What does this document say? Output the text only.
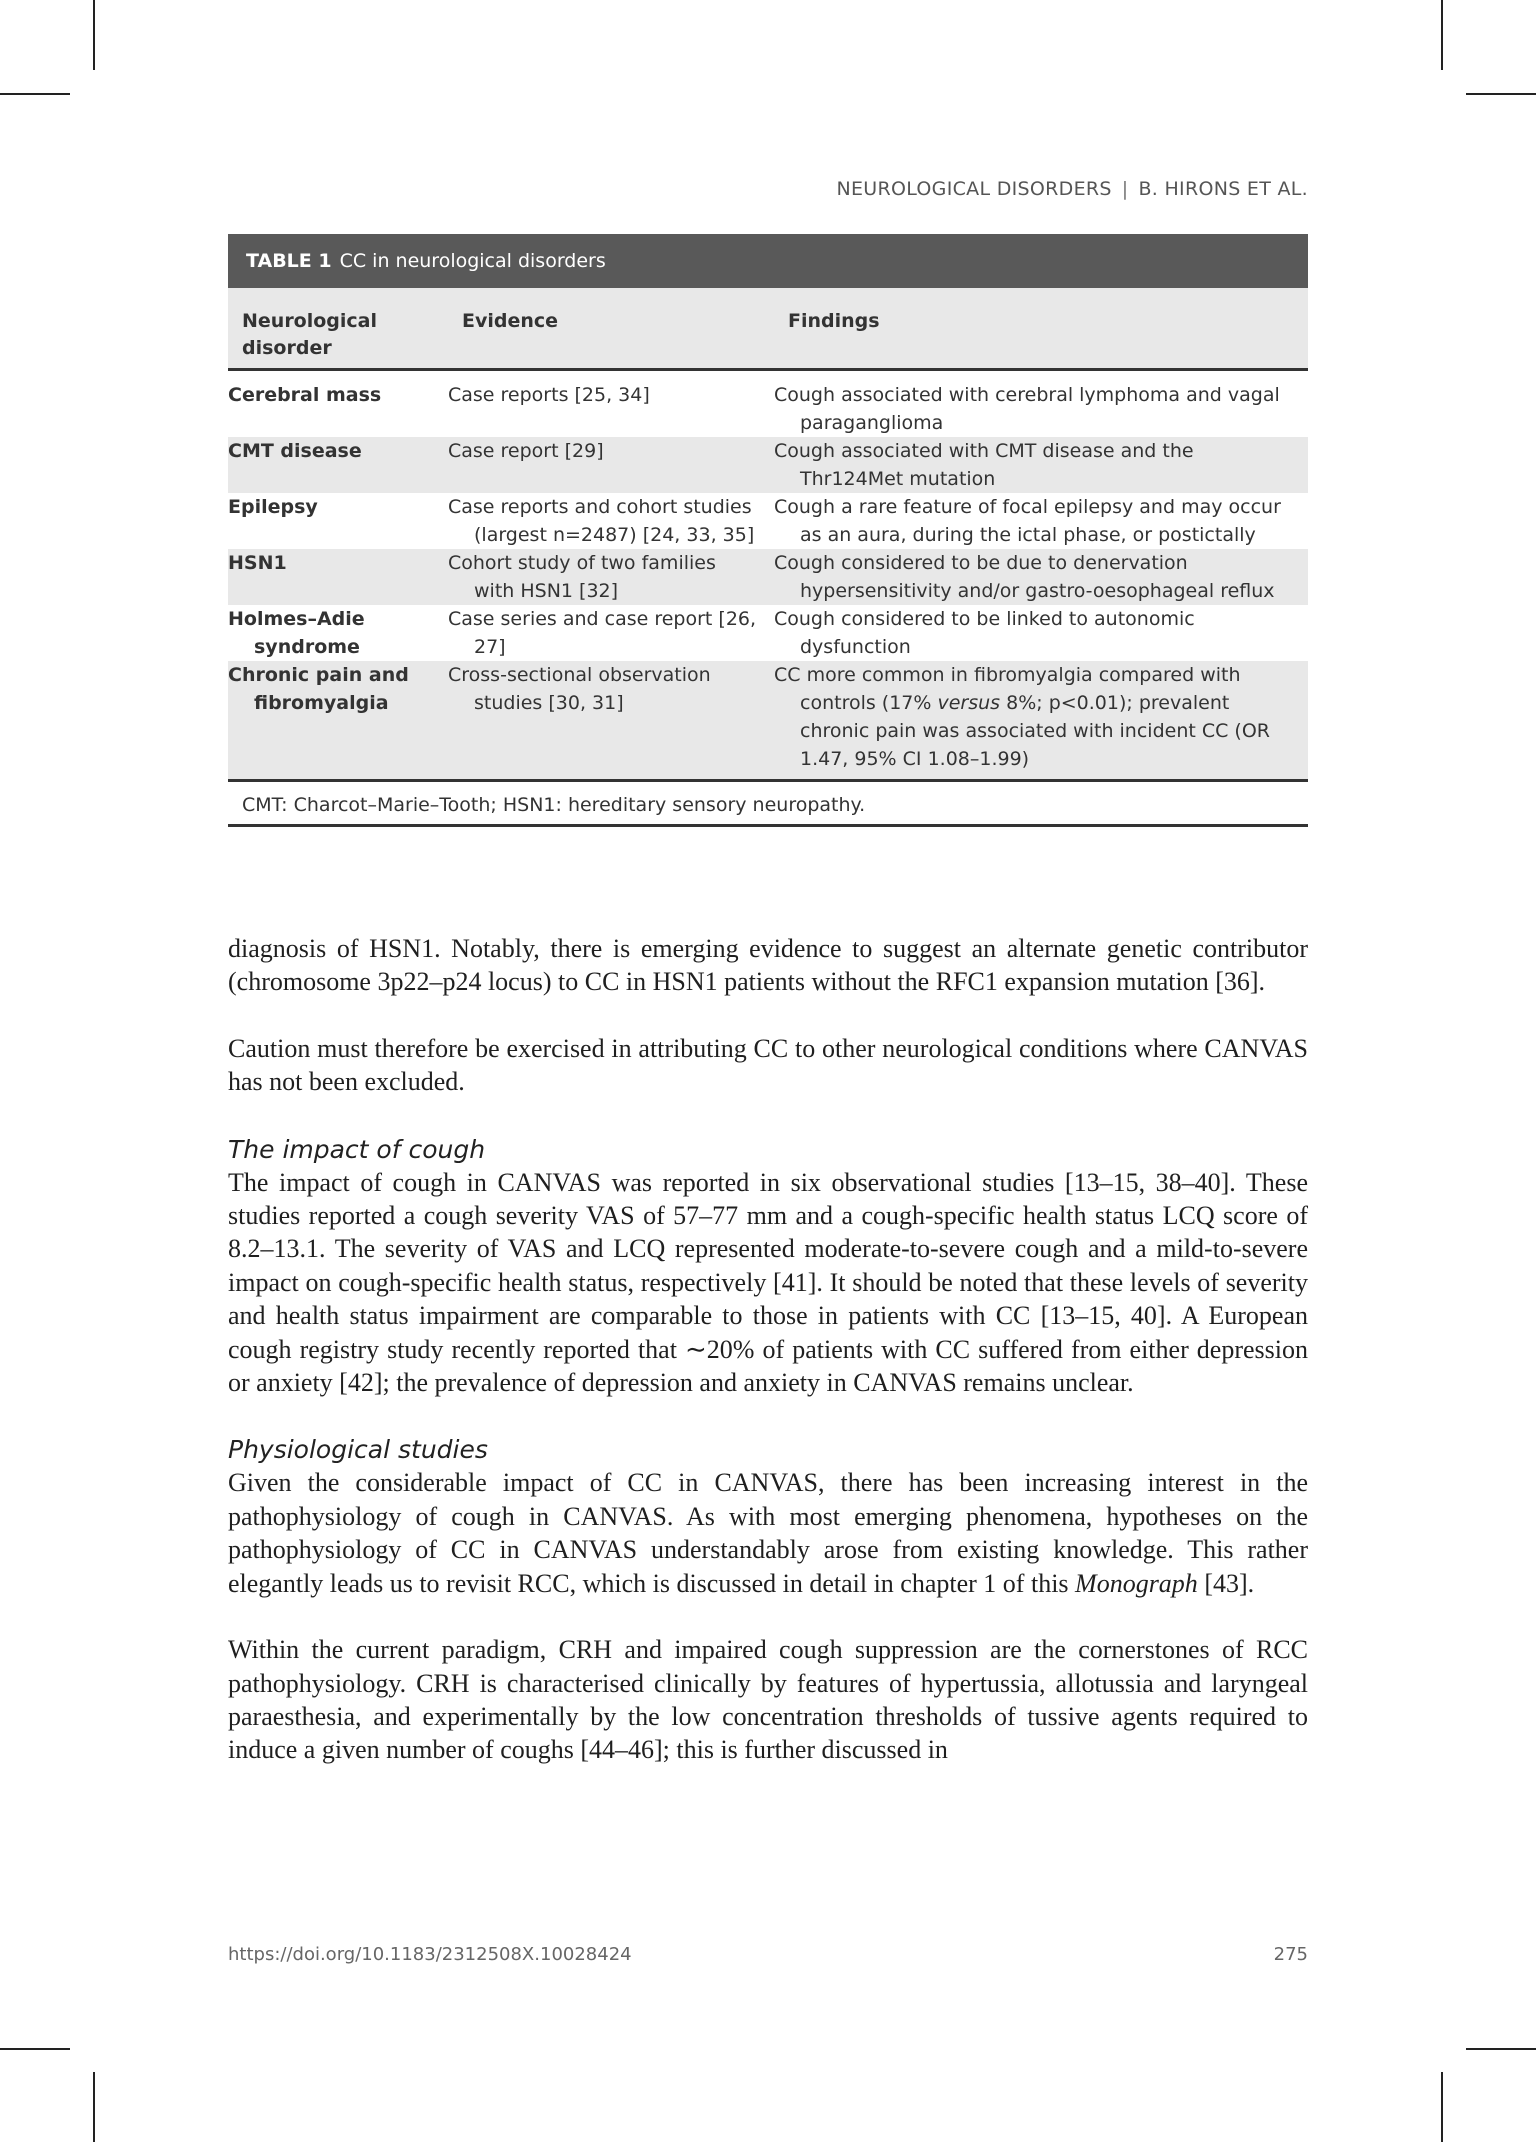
NEUROLOGICAL DISORDERS | B. HIRONS ET AL.
TABLE 1 CC in neurological disorders
Neurological disorder	Evidence	Findings
Cerebral mass	Case reports [25, 34]	Cough associated with cerebral lymphoma and vagal paraganglioma
CMT disease	Case report [29]	Cough associated with CMT disease and the Thr124Met mutation
Epilepsy	Case reports and cohort studies (largest n=2487) [24, 33, 35]	Cough a rare feature of focal epilepsy and may occur as an aura, during the ictal phase, or postictally
HSN1	Cohort study of two families with HSN1 [32]	Cough considered to be due to denervation hypersensitivity and/or gastro-oesophageal reflux
Holmes–Adie syndrome	Case series and case report [26, 27]	Cough considered to be linked to autonomic dysfunction
Chronic pain and fibromyalgia	Cross-sectional observation studies [30, 31]	CC more common in fibromyalgia compared with controls (17% versus 8%; p<0.01); prevalent chronic pain was associated with incident CC (OR 1.47, 95% CI 1.08–1.99)
CMT: Charcot–Marie–Tooth; HSN1: hereditary sensory neuropathy.

diagnosis of HSN1. Notably, there is emerging evidence to suggest an alternate genetic contributor (chromosome 3p22–p24 locus) to CC in HSN1 patients without the RFC1 expansion mutation [36].

Caution must therefore be exercised in attributing CC to other neurological conditions where CANVAS has not been excluded.

The impact of cough

The impact of cough in CANVAS was reported in six observational studies [13–15, 38–40]. These studies reported a cough severity VAS of 57–77 mm and a cough-specific health status LCQ score of 8.2–13.1. The severity of VAS and LCQ represented moderate-to-severe cough and a mild-to-severe impact on cough-specific health status, respectively [41]. It should be noted that these levels of severity and health status impairment are comparable to those in patients with CC [13–15, 40]. A European cough registry study recently reported that ∼20% of patients with CC suffered from either depression or anxiety [42]; the prevalence of depression and anxiety in CANVAS remains unclear.

Physiological studies

Given the considerable impact of CC in CANVAS, there has been increasing interest in the pathophysiology of cough in CANVAS. As with most emerging phenomena, hypotheses on the pathophysiology of CC in CANVAS understandably arose from existing knowledge. This rather elegantly leads us to revisit RCC, which is discussed in detail in chapter 1 of this Monograph [43].

Within the current paradigm, CRH and impaired cough suppression are the cornerstones of RCC pathophysiology. CRH is characterised clinically by features of hypertussia, allotussia and laryngeal paraesthesia, and experimentally by the low concentration thresholds of tussive agents required to induce a given number of coughs [44–46]; this is further discussed in

https://doi.org/10.1183/2312508X.10028424	275
